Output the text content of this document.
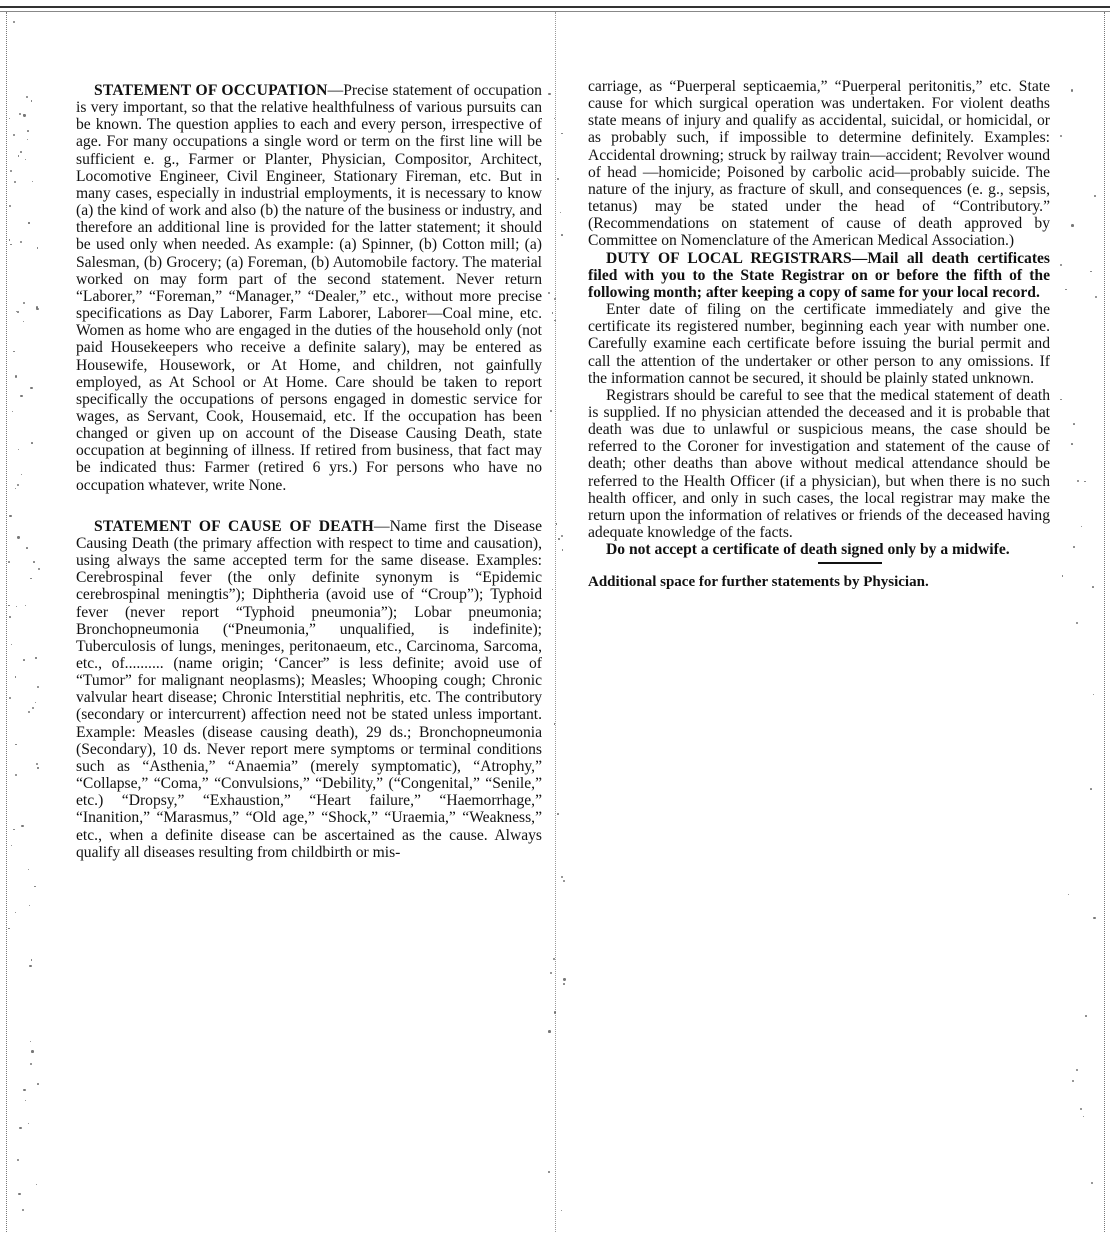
STATEMENT OF OCCUPATION—Precise statement of occupation is very important, so that the relative healthfulness of various pursuits can be known. The question applies to each and every person, irrespective of age. For many occupations a single word or term on the first line will be sufficient e. g., Farmer or Planter, Physician, Compositor, Architect, Locomotive Engineer, Civil Engineer, Stationary Fireman, etc. But in many cases, especially in industrial employments, it is necessary to know (a) the kind of work and also (b) the nature of the business or industry, and therefore an additional line is provided for the latter statement; it should be used only when needed. As example: (a) Spinner, (b) Cotton mill; (a) Salesman, (b) Grocery; (a) Foreman, (b) Automobile factory. The material worked on may form part of the second statement. Never return “Laborer,” “Foreman,” “Manager,” “Dealer,” etc., without more precise specifications as Day Laborer, Farm Laborer, Laborer—Coal mine, etc. Women as home who are engaged in the duties of the household only (not paid Housekeepers who receive a definite salary), may be entered as Housewife, Housework, or At Home, and children, not gainfully employed, as At School or At Home. Care should be taken to report specifically the occupations of persons engaged in domestic service for wages, as Servant, Cook, Housemaid, etc. If the occupation has been changed or given up on account of the Disease Causing Death, state occupation at beginning of illness. If retired from business, that fact may be indicated thus: Farmer (retired 6 yrs.) For persons who have no occupation whatever, write None.

STATEMENT OF CAUSE OF DEATH—Name first the Disease Causing Death (the primary affection with respect to time and causation), using always the same accepted term for the same disease. Examples: Cerebrospinal fever (the only definite synonym is “Epidemic cerebrospinal meningtis”); Diphtheria (avoid use of “Croup”); Typhoid fever (never report “Typhoid pneumonia”); Lobar pneumonia; Bronchopneumonia (“Pneumonia,” unqualified, is indefinite); Tuberculosis of lungs, meninges, peritonaeum, etc., Carcinoma, Sarcoma, etc., of.......... (name origin; ‘Cancer” is less definite; avoid use of “Tumor” for malignant neoplasms); Measles; Whooping cough; Chronic valvular heart disease; Chronic Interstitial nephritis, etc. The contributory (secondary or intercurrent) affection need not be stated unless important. Example: Measles (disease causing death), 29 ds.; Bronchopneumonia (Secondary), 10 ds. Never report mere symptoms or terminal conditions such as “Asthenia,” “Anaemia” (merely symptomatic), “Atrophy,” “Collapse,” “Coma,” “Convulsions,” “Debility,” (“Congenital,” “Senile,” etc.) “Dropsy,” “Exhaustion,” “Heart failure,” “Haemorrhage,” “Inanition,” “Marasmus,” “Old age,” “Shock,” “Uraemia,” “Weakness,” etc., when a definite disease can be ascertained as the cause. Always qualify all diseases resulting from childbirth or mis-

carriage, as “Puerperal septicaemia,” “Puerperal peritonitis,” etc. State cause for which surgical operation was undertaken. For violent deaths state means of injury and qualify as accidental, suicidal, or homicidal, or as probably such, if impossible to determine definitely. Examples: Accidental drowning; struck by railway train—accident; Revolver wound of head —homicide; Poisoned by carbolic acid—probably suicide. The nature of the injury, as fracture of skull, and consequences (e. g., sepsis, tetanus) may be stated under the head of “Contributory.” (Recommendations on statement of cause of death approved by Committee on Nomenclature of the American Medical Association.)

DUTY OF LOCAL REGISTRARS—Mail all death certificates filed with you to the State Registrar on or before the fifth of the following month; after keeping a copy of same for your local record.

Enter date of filing on the certificate immediately and give the certificate its registered number, beginning each year with number one. Carefully examine each certificate before issuing the burial permit and call the attention of the undertaker or other person to any omissions. If the information cannot be secured, it should be plainly stated unknown.

Registrars should be careful to see that the medical statement of death is supplied. If no physician attended the deceased and it is probable that death was due to unlawful or suspicious means, the case should be referred to the Coroner for investigation and statement of the cause of death; other deaths than above without medical attendance should be referred to the Health Officer (if a physician), but when there is no such health officer, and only in such cases, the local registrar may make the return upon the information of relatives or friends of the deceased having adequate knowledge of the facts.

Do not accept a certificate of death signed only by a midwife.

Additional space for further statements by Physician.
